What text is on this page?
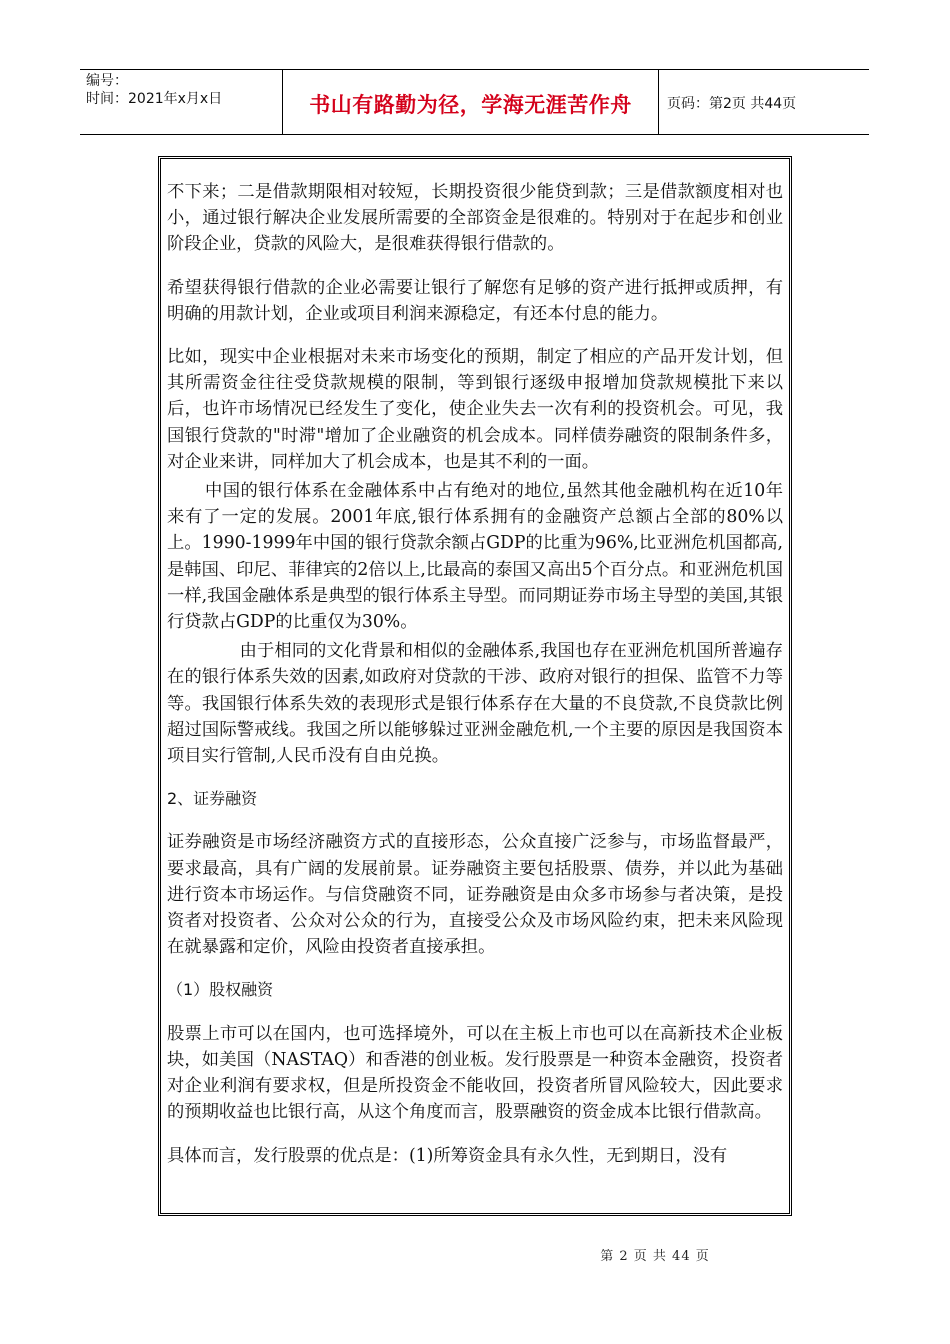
编号：
时间：2021年x月x日	书山有路勤为径，学海无涯苦作舟	页码：第2页 共44页

不下来；二是借款期限相对较短，长期投资很少能贷到款；三是借款额度相对也小，通过银行解决企业发展所需要的全部资金是很难的。特别对于在起步和创业阶段企业，贷款的风险大，是很难获得银行借款的。

希望获得银行借款的企业必需要让银行了解您有足够的资产进行抵押或质押，有明确的用款计划，企业或项目利润来源稳定，有还本付息的能力。

比如，现实中企业根据对未来市场变化的预期，制定了相应的产品开发计划，但其所需资金往往受贷款规模的限制，等到银行逐级申报增加贷款规模批下来以后，也许市场情况已经发生了变化，使企业失去一次有利的投资机会。可见，我国银行贷款的"时滞"增加了企业融资的机会成本。同样债券融资的限制条件多，对企业来讲，同样加大了机会成本，也是其不利的一面。

中国的银行体系在金融体系中占有绝对的地位,虽然其他金融机构在近10年来有了一定的发展。2001年底,银行体系拥有的金融资产总额占全部的80%以上。1990-1999年中国的银行贷款余额占GDP的比重为96%,比亚洲危机国都高,是韩国、印尼、菲律宾的2倍以上,比最高的泰国又高出5个百分点。和亚洲危机国一样,我国金融体系是典型的银行体系主导型。而同期证券市场主导型的美国,其银行贷款占GDP的比重仅为30%。

由于相同的文化背景和相似的金融体系,我国也存在亚洲危机国所普遍存在的银行体系失效的因素,如政府对贷款的干涉、政府对银行的担保、监管不力等等。我国银行体系失效的表现形式是银行体系存在大量的不良贷款,不良贷款比例超过国际警戒线。我国之所以能够躲过亚洲金融危机,一个主要的原因是我国资本项目实行管制,人民币没有自由兑换。

2、证券融资

证券融资是市场经济融资方式的直接形态，公众直接广泛参与，市场监督最严，要求最高，具有广阔的发展前景。证券融资主要包括股票、债券，并以此为基础进行资本市场运作。与信贷融资不同，证券融资是由众多市场参与者决策，是投资者对投资者、公众对公众的行为，直接受公众及市场风险约束，把未来风险现在就暴露和定价，风险由投资者直接承担。

（1）股权融资

股票上市可以在国内，也可选择境外，可以在主板上市也可以在高新技术企业板块，如美国（NASTAQ）和香港的创业板。发行股票是一种资本金融资，投资者对企业利润有要求权，但是所投资金不能收回，投资者所冒风险较大，因此要求的预期收益也比银行高，从这个角度而言，股票融资的资金成本比银行借款高。

具体而言，发行股票的优点是：(1)所筹资金具有永久性，无到期日，没有

第 2 页 共 44 页
